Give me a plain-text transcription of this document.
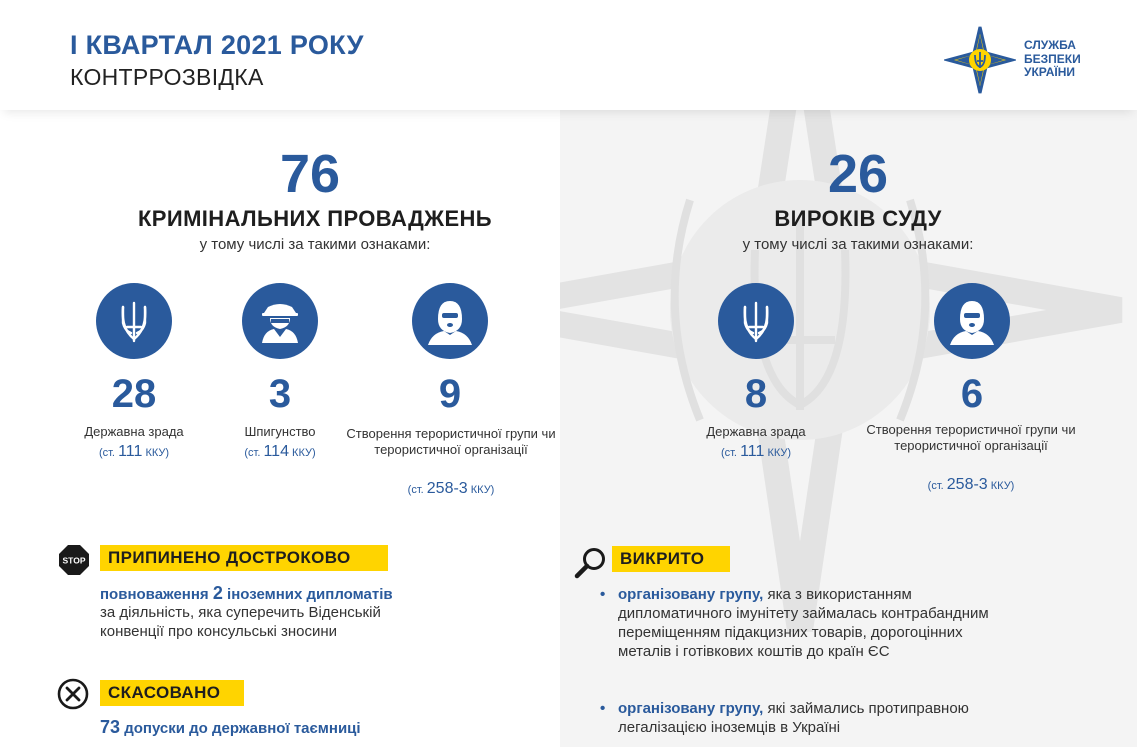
І КВАРТАЛ 2021 РОКУ
КОНТРРОЗВІДКА
СЛУЖБА
БЕЗПЕКИ
УКРАЇНИ
76
КРИМІНАЛЬНИХ ПРОВАДЖЕНЬ
у тому числі за такими ознаками:
28
Державна зрада
(ст. 111 ККУ)
3
Шпигунство
(ст. 114 ККУ)
9
Створення терористичної групи чи терористичної організації
(ст. 258-3 ККУ)
26
ВИРОКІВ СУДУ
у тому числі за такими ознаками:
8
Державна зрада
(ст. 111 ККУ)
6
Створення терористичної групи чи терористичної організації
(ст. 258-3 ККУ)
STOP	ПРИПИНЕНО ДОСТРОКОВО
повноваження 2 іноземних дипломатів
за діяльність, яка суперечить Віденській
конвенції про консульські зносини
СКАСОВАНО
73 допуски до державної таємниці
ВИКРИТО
• організовану групу, яка з використанням
дипломатичного імунітету займалась контрабандним
переміщенням підакцизних товарів, дорогоцінних
металів і готівкових коштів до країн ЄС
• організовану групу, які займались протиправною
легалізацією іноземців в Україні
